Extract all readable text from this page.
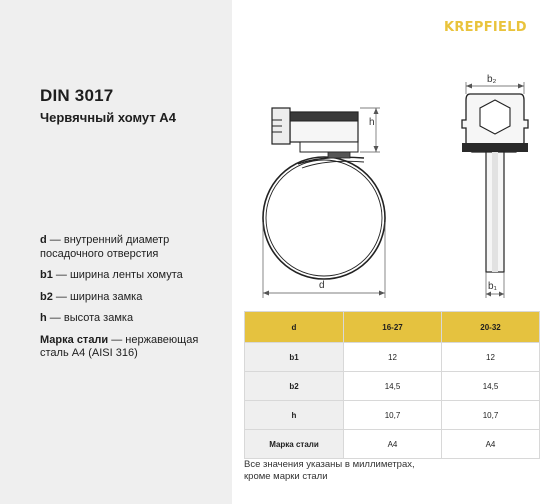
DIN 3017
Червячный хомут А4
d — внутренний диаметр посадочного отверстия
b1 — ширина ленты хомута
b2 — ширина замка
h — высота замка
Марка стали — нержавеющая сталь А4 (AISI 316)
KREPFIELD
h
d
b₂
b₁
d	16-27	20-32
b1	12	12
b2	14,5	14,5
h	10,7	10,7
Марка стали	А4	А4
Все значения указаны в миллиметрах,
кроме марки стали
